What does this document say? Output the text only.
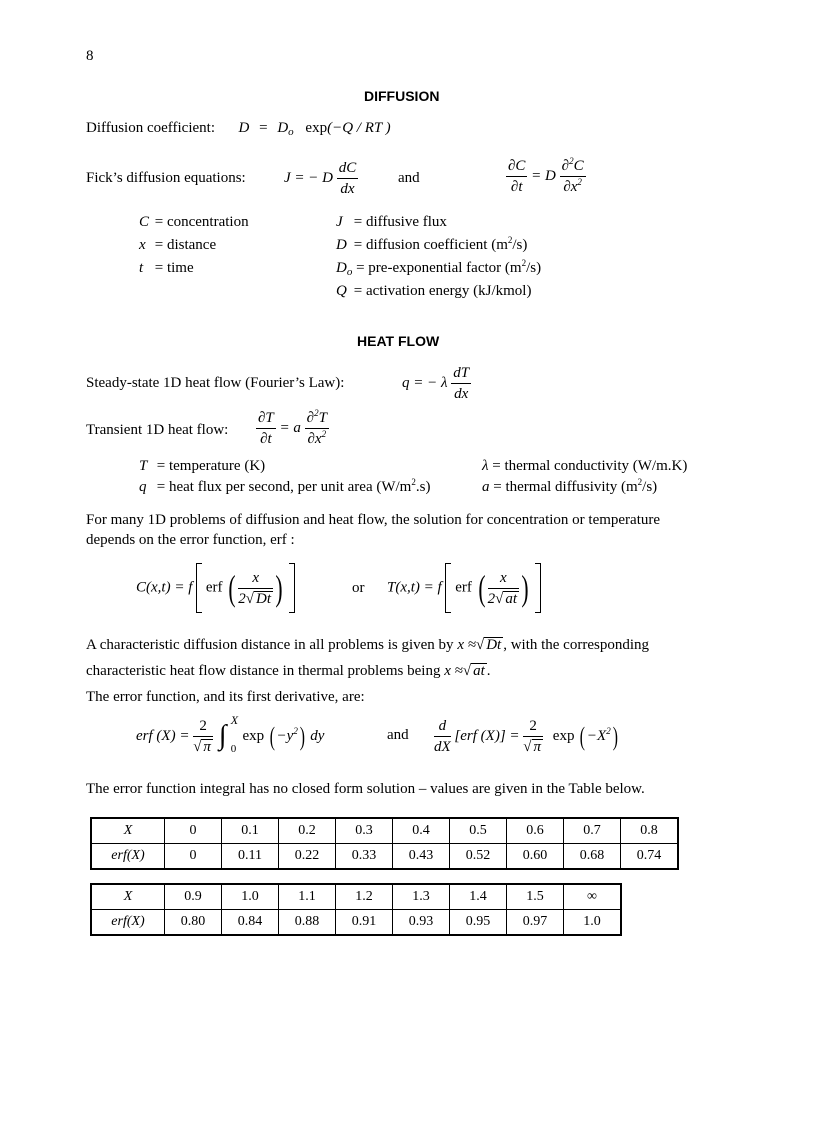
8
DIFFUSION
Diffusion coefficient: $D = D_o$ exp(−Q / RT )
Fick’s diffusion equations:	J = − D $\frac{dC}{dx}$	and	$\frac{\partial C}{\partial t} = D \frac{\partial^2C}{\partial x^2}$
C = concentration
x = distance
t = time
J = diffusive flux
D = diffusion coefficient $(m^2/s)$
$D_o$ = pre-exponential factor $(m^2/s)$
Q = activation energy (kJ/kmol)
HEAT FLOW
Steady-state 1D heat flow (Fourier’s Law):	q = − λ $\frac{dT}{dx}$
Transient 1D heat flow: $\frac{\partial T}{\partial t} = a \frac{\partial^2T}{\partial x^2}$
T = temperature (K)
q = heat flux per second, per unit area $(W/m^2.s)$
λ = thermal conductivity (W/m.K)
a = thermal diffusivity $(m^2/s)$
For many 1D problems of diffusion and heat flow, the solution for concentration or temperature
depends on the error function, erf :
C(x,t) = f erf ( $\frac{x}{2√ Dt}$ )	or T(x,t) = f erf ( $\frac{x}{2√ at}$ )
A characteristic diffusion distance in all problems is given by x ≈√ Dt , with the corresponding
characteristic heat flow distance in thermal problems being x ≈√ at .
The error function, and its first derivative, are:
erf $(X) = \frac{2}{√ \pi}$
∫ X
0
exp ( $-y^2$) dy	and $\frac{d}{dX} [erf$ $(X)] = \frac{2}{√ \pi}$ exp ( $-X^2$)
The error function integral has no closed form solution – values are given in the Table below.
X	0	0.1	0.2	0.3	0.4	0.5	0.6	0.7	0.8
erf(X)	0	0.11	0.22	0.33	0.43	0.52	0.60	0.68	0.74
X	0.9	1.0	1.1	1.2	1.3	1.4	1.5	∞
erf(X)	0.80	0.84	0.88	0.91	0.93	0.95	0.97	1.0
